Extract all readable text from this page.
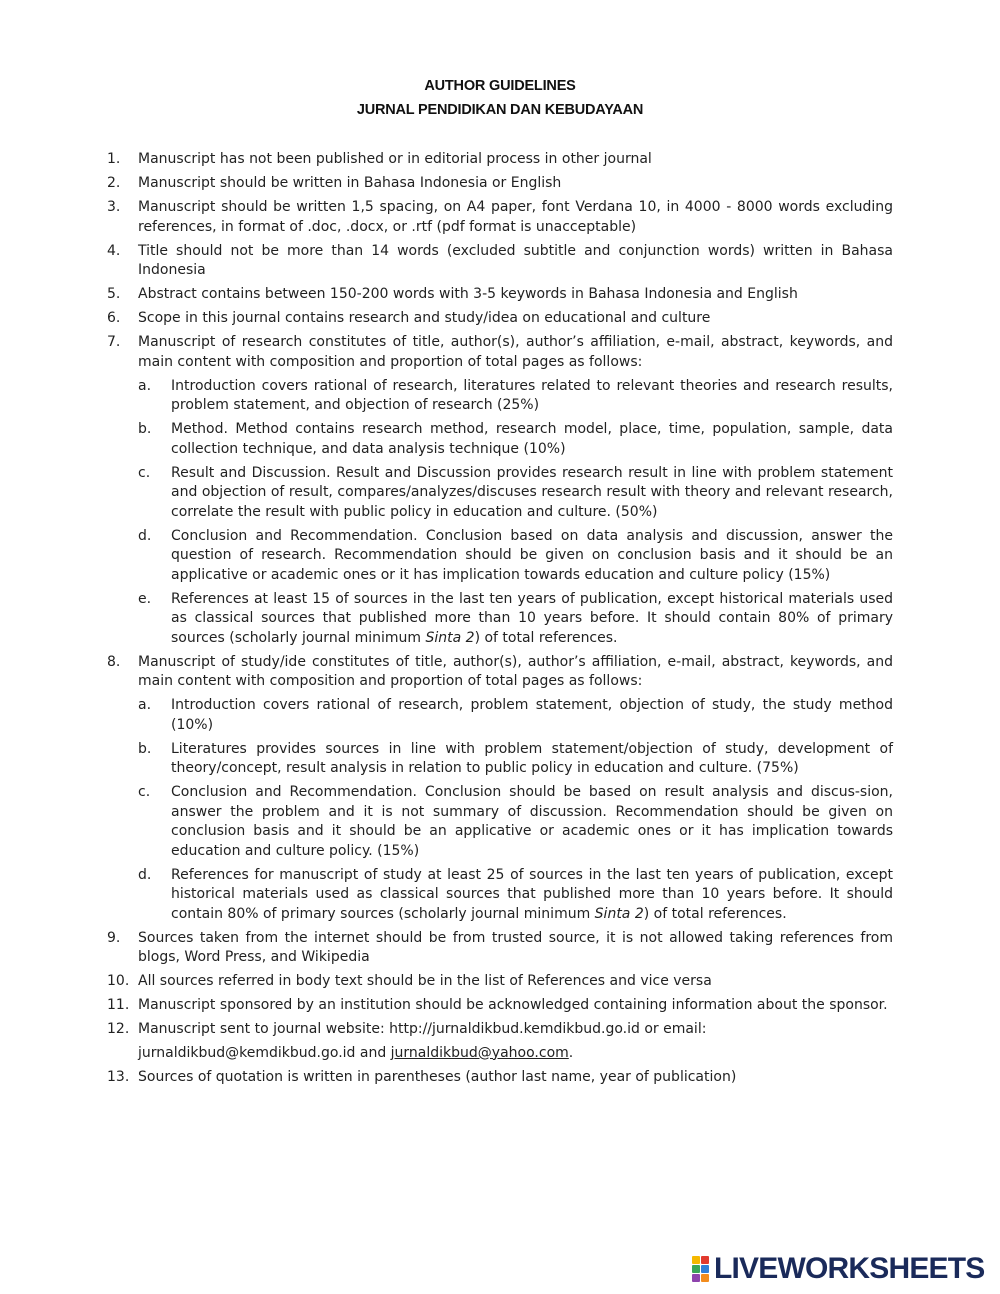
AUTHOR GUIDELINES
JURNAL PENDIDIKAN DAN KEBUDAYAAN
1. Manuscript has not been published or in editorial process in other journal
2. Manuscript should be written in Bahasa Indonesia or English
3. Manuscript should be written 1,5 spacing, on A4 paper, font Verdana 10, in 4000 - 8000 words excluding references, in format of .doc, .docx, or .rtf (pdf format is unacceptable)
4. Title should not be more than 14 words (excluded subtitle and conjunction words) written in Bahasa Indonesia
5. Abstract contains between 150-200 words with 3-5 keywords in Bahasa Indonesia and English
6. Scope in this journal contains research and study/idea on educational and culture
7. Manuscript of research constitutes of title, author(s), author’s affiliation, e-mail, abstract, keywords, and main content with composition and proportion of total pages as follows:
a. Introduction covers rational of research, literatures related to relevant theories and research results, problem statement, and objection of research (25%)
b. Method. Method contains research method, research model, place, time, population, sample, data collection technique, and data analysis technique (10%)
c. Result and Discussion. Result and Discussion provides research result in line with problem statement and objection of result, compares/analyzes/discuses research result with theory and relevant research, correlate the result with public policy in education and culture. (50%)
d. Conclusion and Recommendation. Conclusion based on data analysis and discussion, answer the question of research. Recommendation should be given on conclusion basis and it should be an applicative or academic ones or it has implication towards education and culture policy (15%)
e. References at least 15 of sources in the last ten years of publication, except historical materials used as classical sources that published more than 10 years before. It should contain 80% of primary sources (scholarly journal minimum Sinta 2) of total references.
8. Manuscript of study/ide constitutes of title, author(s), author’s affiliation, e-mail, abstract, keywords, and main content with composition and proportion of total pages as follows:
a. Introduction covers rational of research, problem statement, objection of study, the study method (10%)
b. Literatures provides sources in line with problem statement/objection of study, development of theory/concept, result analysis in relation to public policy in education and culture. (75%)
c. Conclusion and Recommendation. Conclusion should be based on result analysis and discus-sion, answer the problem and it is not summary of discussion. Recommendation should be given on conclusion basis and it should be an applicative or academic ones or it has implication towards education and culture policy. (15%)
d. References for manuscript of study at least 25 of sources in the last ten years of publication, except historical materials used as classical sources that published more than 10 years before. It should contain 80% of primary sources (scholarly journal minimum Sinta 2) of total references.
9. Sources taken from the internet should be from trusted source, it is not allowed taking references from blogs, Word Press, and Wikipedia
10. All sources referred in body text should be in the list of References and vice versa
11. Manuscript sponsored by an institution should be acknowledged containing information about the sponsor.
12. Manuscript sent to journal website: http://jurnaldikbud.kemdikbud.go.id or email:
jurnaldikbud@kemdikbud.go.id and jurnaldikbud@yahoo.com.
13. Sources of quotation is written in parentheses (author last name, year of publication)
LIVEWORKSHEETS
